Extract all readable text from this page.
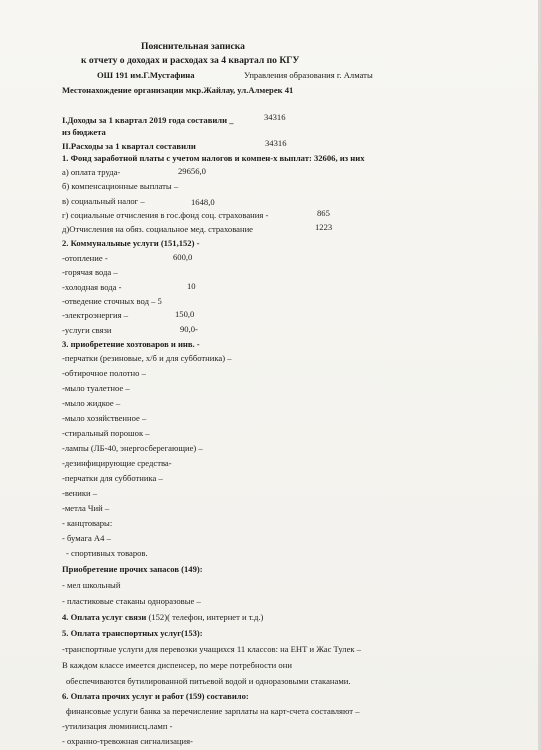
Пояснительная записка
к отчету о доходах и расходах за 4 квартал по КГУ
ОШ 191 им.Г.Мустафина	Управления образования г. Алматы
Местонахождение организации мкр.Жайлау, ул.Алмерек 41
I.Доходы за 1 квартал 2019 года составили _	34316
из бюджета
II.Расходы за 1 квартал составили	34316
1. Фонд заработной платы с учетом налогов и компен-х выплат: 32606, из них
а) оплата труда-	29656,0
б) компенсационные выплаты –
в) социальный налог –	1648,0
г) социальные отчисления в гос.фонд соц. страхования -	865
д)Отчисления на обяз. социальное мед. страхование	1223
2. Коммунальные услуги (151,152) -
-отопление -	600,0
-горячая вода –
-холодная вода -	10
-отведение сточных вод – 5
-электроэнергия –	150,0
-услуги связи	90,0-
3. приобретение хозтоваров и инв. -
-перчатки (резиновые, х/б и для субботника) –
-обтирочное полотно –
-мыло туалетное –
-мыло жидкое –
-мыло хозяйственное –
-стиральный порошок –
-лампы (ЛБ-40, энергосберегающие) –
-дезинфицирующие средства-
-перчатки для субботника –
-веники –
-метла Чий –
- канцтовары:
- бумага А4 –
- спортивных товаров.
Приобретение прочих запасов (149):
- мел школьный
- пластиковые стаканы одноразовые –
4. Оплата услуг связи (152)( телефон, интернет и т.д.)
5. Оплата транспортных услуг(153):
-транспортные услуги для перевозки учащихся 11 классов: на ЕНТ и Жас Тулек –
В каждом классе имеется диспенсер, по мере потребности они
обеспечиваются бутилированной питьевой водой и одноразовыми стаканами.
6. Оплата прочих услуг и работ (159) составило:
финансовые услуги банка за перечисление зарплаты на карт-счета составляют –
-утилизация люминисц.ламп -
- охранно-тревожная сигнализация-
